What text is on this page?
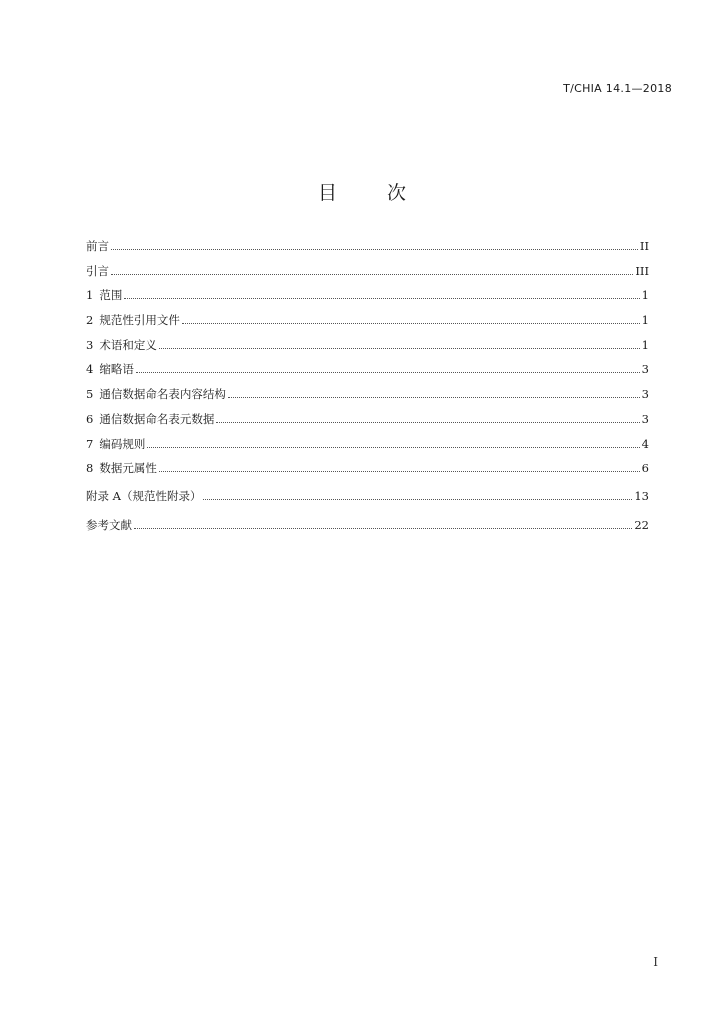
T/CHIA 14.1—2018
目 次
前言	II
引言	III
1 范围	1
2 规范性引用文件	1
3 术语和定义	1
4 缩略语	3
5 通信数据命名表内容结构	3
6 通信数据命名表元数据	3
7 编码规则	4
8 数据元属性	6
附录 A（规范性附录）	13
参考文献	22
I
